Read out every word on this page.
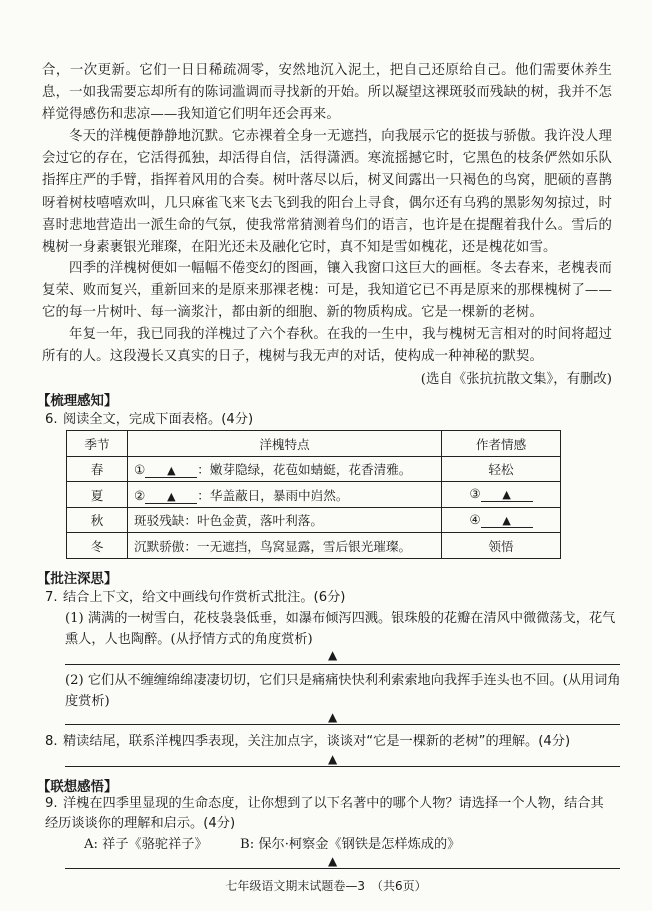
合，一次更新。它们一日日稀疏凋零，安然地沉入泥土，把自己还原给自己。他们需要休养生息，一如我需要忘却所有的陈词滥调而寻找新的开始。所以凝望这裸斑驳而残缺的树，我并不怎样觉得感伤和悲凉——我知道它们明年还会再来。
冬天的洋槐便静静地沉默。它赤裸着全身一无遮挡，向我展示它的挺拔与骄傲。我许没人理会过它的存在，它活得孤独，却活得自信，活得潇洒。寒流摇撼它时，它黑色的枝条俨然如乐队指挥庄严的手臂，指挥着风用的合奏。树叶落尽以后，树叉间露出一只褐色的鸟窝，肥硕的喜鹊呀着树枝嘻嘻欢叫，几只麻雀飞来飞去飞到我的阳台上寻食，偶尔还有乌鸦的黑影匆匆掠过，时喜时悲地营造出一派生命的气氛，使我常常猜测着鸟们的语言，也许是在提醒着我什么。雪后的槐树一身素裹银光璀璨，在阳光还未及融化它时，真不知是雪如槐花，还是槐花如雪。
四季的洋槐树便如一幅幅不倦变幻的图画，镶入我窗口这巨大的画框。冬去春来，老槐表而复荣、败而复兴，重新回来的是原来那裸老槐：可是，我知道它已不再是原来的那棵槐树了——它的每一片树叶、每一滴浆汁，都由新的细胞、新的物质构成。它是一棵新的老树。
年复一年，我已同我的洋槐过了六个春秋。在我的一生中，我与槐树无言相对的时间将超过所有的人。这段漫长又真实的日子，槐树与我无声的对话，使构成一种神秘的默契。
(选自《张抗抗散文集》，有删改)
【梳理感知】
6. 阅读全文，完成下面表格。(4分)
季节	洋槐特点	作者情感
春	① ▲ ：嫩芽隐绿，花苞如蜻蜓，花香清雅。	轻松
夏	② ▲ ：华盖蔽日，暴雨中岿然。	③ ▲
秋	斑驳残缺：叶色金黄，落叶利落。	④ ▲
冬	沉默骄傲：一无遮挡，鸟窝显露，雪后银光璀璨。	领悟
【批注深思】
7. 结合上下文，给文中画线句作赏析式批注。(6分)
(1) 满满的一树雪白，花枝袅袅低垂，如瀑布倾泻四溅。银珠般的花瓣在清风中微微荡戈，花气熏人，人也陶醉。(从抒情方式的角度赏析)
▲
(2) 它们从不缠缠绵绵凄凄切切，它们只是痛痛快快利利索索地向我挥手连头也不回。(从用词角度赏析)
▲
8. 精读结尾，联系洋槐四季表现，关注加点字，谈谈对“它是一棵新的老树”的理解。(4分)
▲
【联想感悟】
9. 洋槐在四季里显现的生命态度，让你想到了以下名著中的哪个人物？请选择一个人物，结合其经历谈谈你的理解和启示。(4分)
A: 祥子《骆驼祥子》 B: 保尔·柯察金《钢铁是怎样炼成的》
▲
七年级语文期末试题卷—3　（共6页）
